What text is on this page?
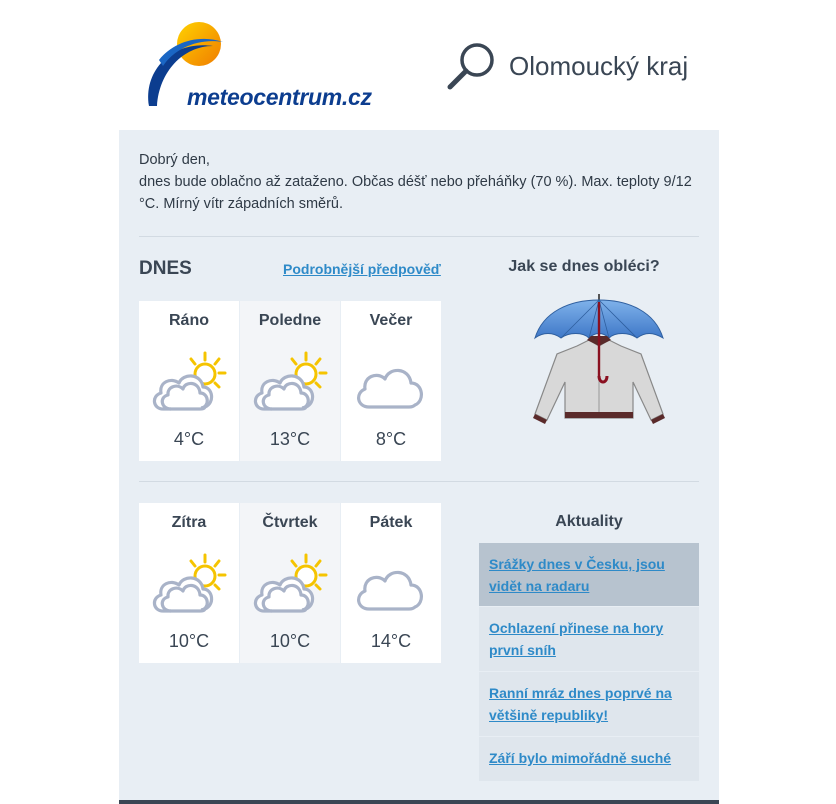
meteocentrum.cz
Olomoucký kraj
Dobrý den,
dnes bude oblačno až zataženo. Občas déšť nebo přeháňky (70 %). Max. teploty 9/12 °C. Mírný vítr západních směrů.
DNES	Podrobnější předpověď
Ráno
4°C
Poledne
13°C
Večer
8°C
Jak se dnes obléci?
Zítra
10°C
Čtvrtek
10°C
Pátek
14°C
Aktuality
Srážky dnes v Česku, jsou vidět na radaru
Ochlazení přinese na hory první sníh
Ranní mráz dnes poprvé na většině republiky!
Září bylo mimořádně suché
